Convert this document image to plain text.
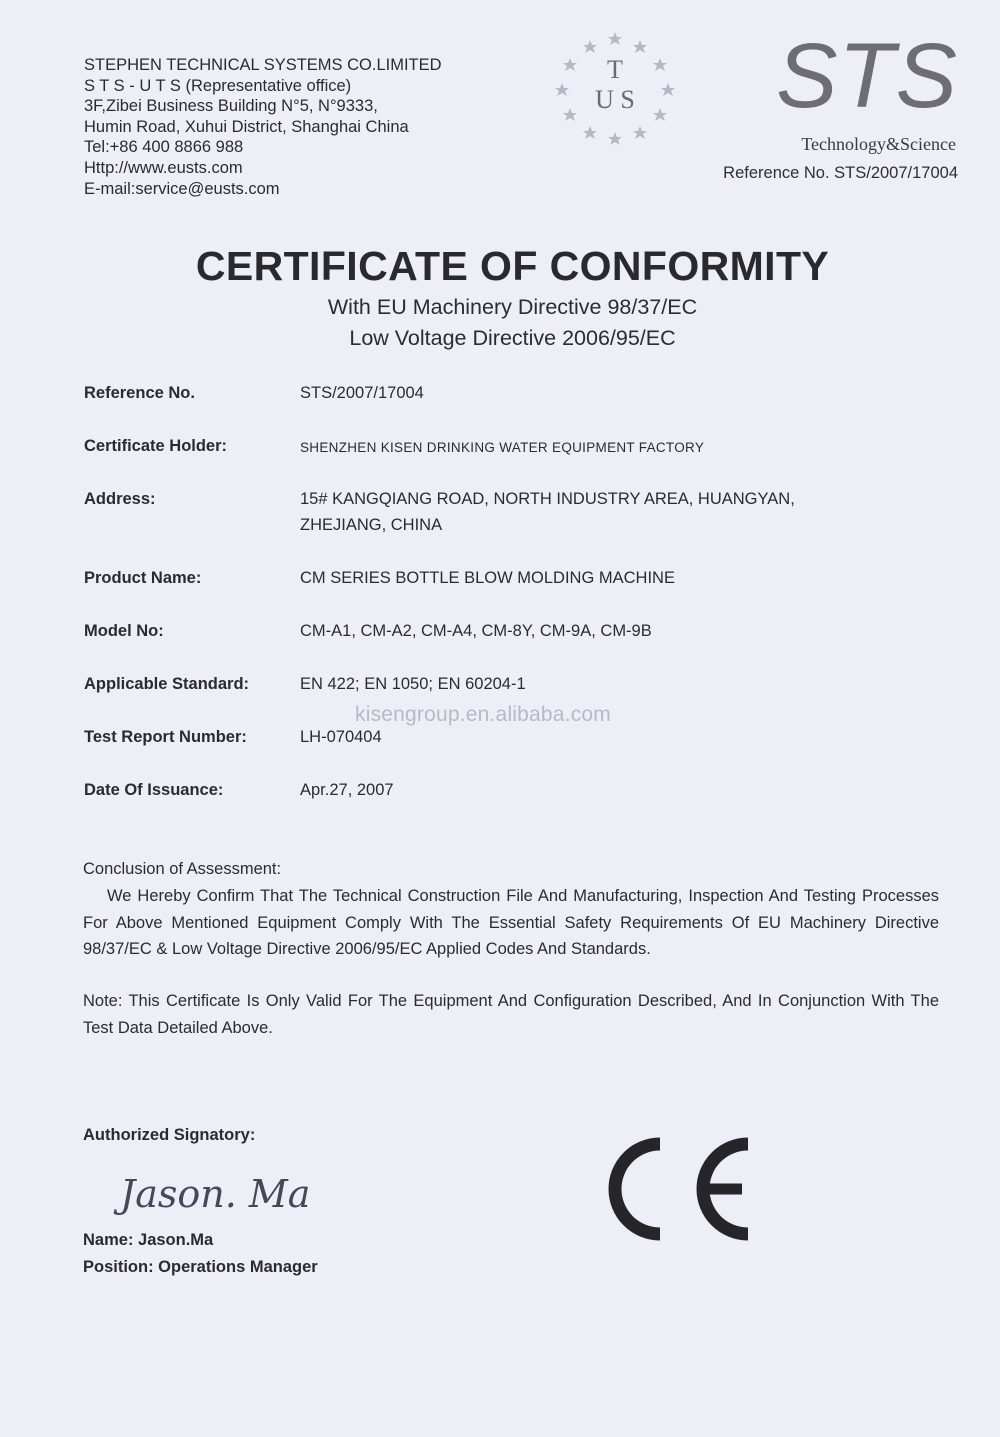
STEPHEN TECHNICAL SYSTEMS CO.LIMITED
S T S - U T S (Representative office)
3F,Zibei Business Building N°5, N°9333,
Humin Road, Xuhui District, Shanghai China
Tel:+86 400 8866 988
Http://www.eusts.com
E-mail:service@eusts.com
T
U S STS
Technology&Science
Reference No. STS/2007/17004
CERTIFICATE OF CONFORMITY
With EU Machinery Directive 98/37/EC
Low Voltage Directive 2006/95/EC
Reference No.	STS/2007/17004
Certificate Holder:	SHENZHEN KISEN DRINKING WATER EQUIPMENT FACTORY
Address:	15# KANGQIANG ROAD, NORTH INDUSTRY AREA, HUANGYAN,
ZHEJIANG, CHINA
Product Name:	CM SERIES BOTTLE BLOW MOLDING MACHINE
Model No:	CM-A1, CM-A2, CM-A4, CM-8Y, CM-9A, CM-9B
Applicable Standard:	EN 422; EN 1050; EN 60204-1
kisengroup.en.alibaba.com
Test Report Number:	LH-070404
Date Of Issuance:	Apr.27, 2007
Conclusion of Assessment:
We Hereby Confirm That The Technical Construction File And Manufacturing, Inspection And Testing Processes For Above Mentioned Equipment Comply With The Essential Safety Requirements Of EU Machinery Directive 98/37/EC & Low Voltage Directive 2006/95/EC Applied Codes And Standards.
Note: This Certificate Is Only Valid For The Equipment And Configuration Described, And In Conjunction With The Test Data Detailed Above.
Authorized Signatory:
Jason. Ma
Name: Jason.Ma
Position: Operations Manager
